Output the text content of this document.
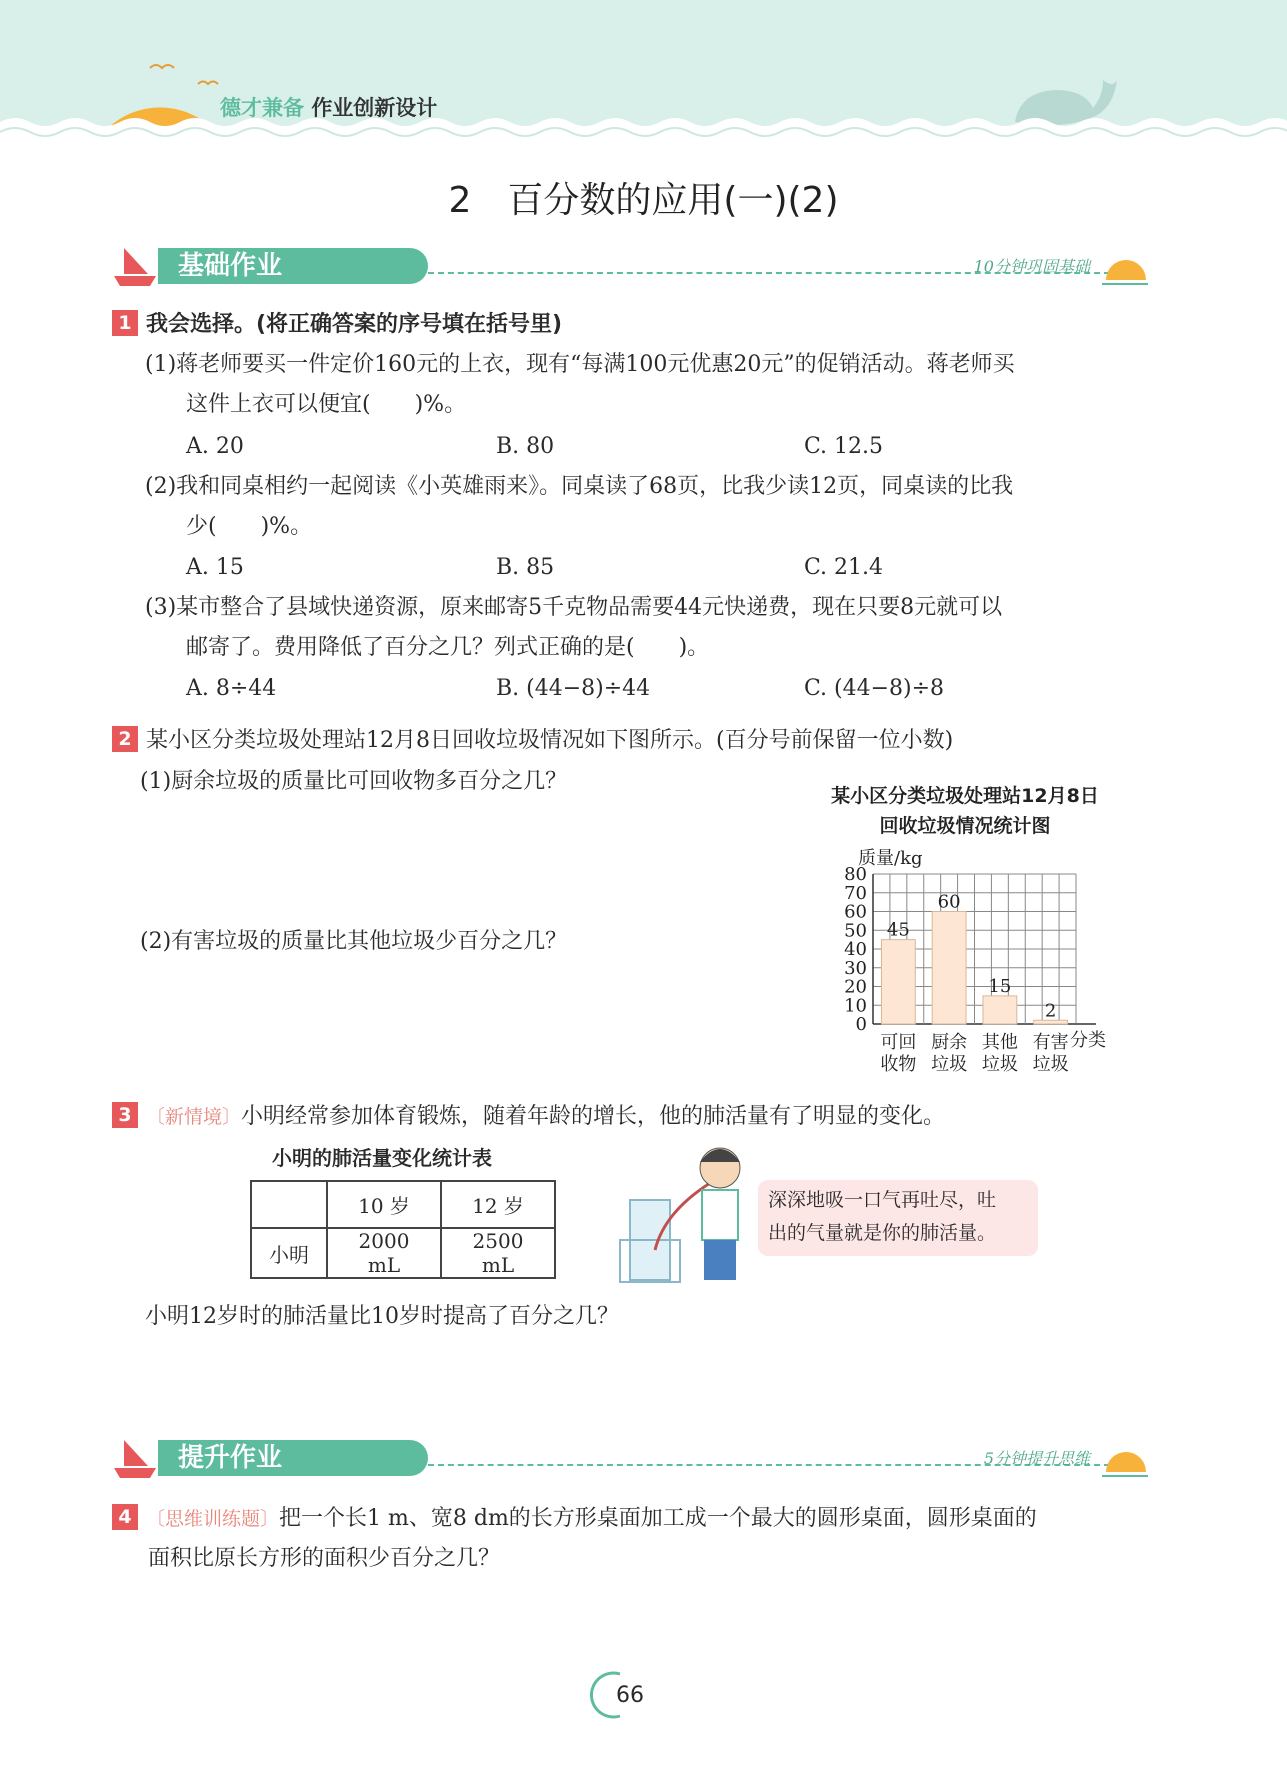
德才兼备 作业创新设计
2　百分数的应用(一)(2)
基础作业	10分钟巩固基础
1 我会选择。(将正确答案的序号填在括号里)
(1)蒋老师要买一件定价160元的上衣，现有“每满100元优惠20元”的促销活动。蒋老师买
这件上衣可以便宜(　　)%。
A. 20	B. 80	C. 12.5
(2)我和同桌相约一起阅读《小英雄雨来》。同桌读了68页，比我少读12页，同桌读的比我
少(　　)%。
A. 15	B. 85	C. 21.4
(3)某市整合了县域快递资源，原来邮寄5千克物品需要44元快递费，现在只要8元就可以
邮寄了。费用降低了百分之几？列式正确的是(　　)。
A. 8÷44	B. (44−8)÷44	C. (44−8)÷8
2 某小区分类垃圾处理站12月8日回收垃圾情况如下图所示。(百分号前保留一位小数)
(1)厨余垃圾的质量比可回收物多百分之几？
(2)有害垃圾的质量比其他垃圾少百分之几？
某小区分类垃圾处理站12月8日
回收垃圾情况统计图
质量/kg
分类
0
10
20
30
40
50
60
70
80
45
可回
收物
60
厨余
垃圾
15
其他
垃圾
2
有害
垃圾
3 〔新情境〕小明经常参加体育锻炼，随着年龄的增长，他的肺活量有了明显的变化。
小明的肺活量变化统计表
	10 岁	12 岁
小明	2000 mL	2500 mL
深深地吸一口气再吐尽，吐
出的气量就是你的肺活量。
小明12岁时的肺活量比10岁时提高了百分之几？
提升作业	5分钟提升思维
4 〔思维训练题〕把一个长1 m、宽8 dm的长方形桌面加工成一个最大的圆形桌面，圆形桌面的
面积比原长方形的面积少百分之几？
66
